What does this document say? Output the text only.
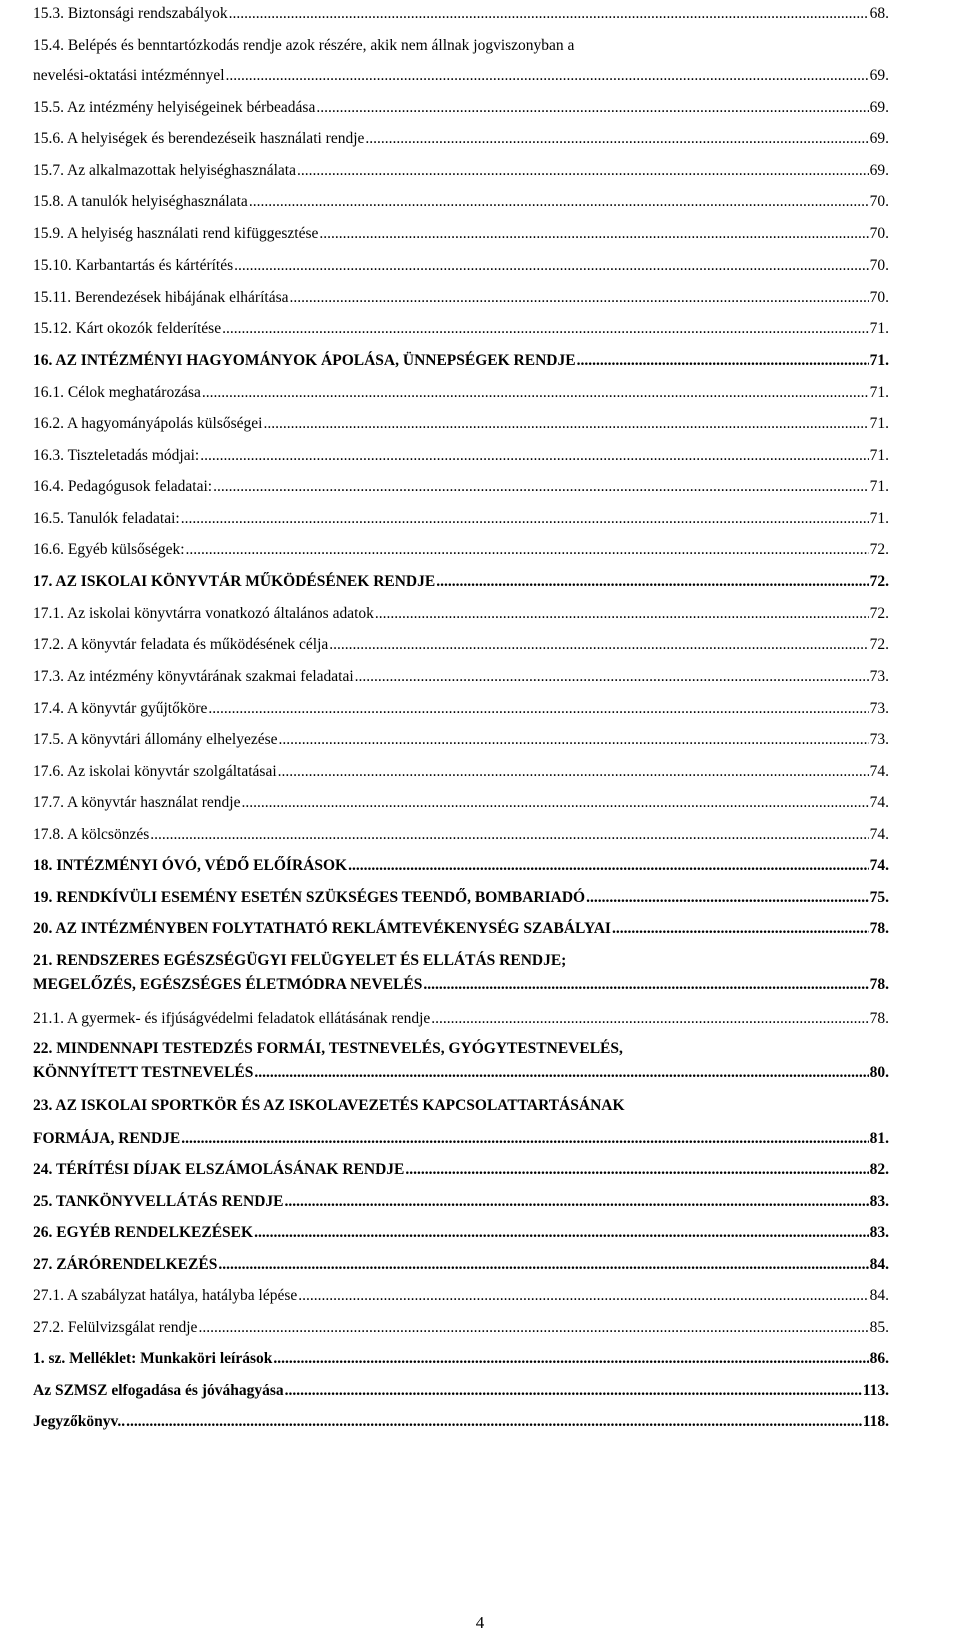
15.3. Biztonsági rendszabályok .....	68.
15.4. Belépés és benntartózkodás rendje azok részére, akik nem állnak jogviszonyban a
nevelési-oktatási intézménnyel .....	69.
15.5. Az intézmény helyiségeinek bérbeadása .....	69.
15.6. A helyiségek és berendezéseik használati rendje .....	69.
15.7. Az alkalmazottak helyiséghasználata .....	69.
15.8. A tanulók helyiséghasználata .....	70.
15.9. A helyiség használati rend kifüggesztése .....	70.
15.10. Karbantartás és kártérítés .....	70.
15.11. Berendezések hibájának elhárítása .....	70.
15.12. Kárt okozók felderítése .....	71.
16. AZ INTÉZMÉNYI HAGYOMÁNYOK ÁPOLÁSA, ÜNNEPSÉGEK RENDJE .....	71.
16.1. Célok meghatározása .....	71.
16.2. A hagyományápolás külsőségei .....	71.
16.3. Tiszteletadás módjai: .....	71.
16.4. Pedagógusok feladatai: .....	71.
16.5. Tanulók feladatai: .....	71.
16.6. Egyéb külsőségek: .....	72.
17. AZ ISKOLAI KÖNYVTÁR MŰKÖDÉSÉNEK RENDJE .....	72.
17.1. Az iskolai könyvtárra vonatkozó általános adatok .....	72.
17.2. A könyvtár feladata és működésének célja .....	72.
17.3. Az intézmény könyvtárának szakmai feladatai .....	73.
17.4. A könyvtár gyűjtőköre .....	73.
17.5. A könyvtári állomány elhelyezése .....	73.
17.6. Az iskolai könyvtár szolgáltatásai .....	74.
17.7. A könyvtár használat rendje .....	74.
17.8. A kölcsönzés .....	74.
18. INTÉZMÉNYI ÓVÓ, VÉDŐ ELŐÍRÁSOK .....	74.
19. RENDKÍVÜLI ESEMÉNY ESETÉN SZÜKSÉGES TEENDŐ, BOMBARIADÓ .....	75.
20. AZ INTÉZMÉNYBEN FOLYTATHATÓ REKLÁMTEVÉKENYSÉG SZABÁLYAI .....	78.
21. RENDSZERES EGÉSZSÉGÜGYI FELÜGYELET ÉS ELLÁTÁS RENDJE;
MEGELŐZÉS, EGÉSZSÉGES ÉLETMÓDRA NEVELÉS .....	78.
21.1. A gyermek- és ifjúságvédelmi feladatok ellátásának rendje .....	78.
22. MINDENNAPI TESTEDZÉS FORMÁI, TESTNEVELÉS, GYÓGYTESTNEVELÉS,
KÖNNYÍTETT TESTNEVELÉS .....	80.
23. AZ ISKOLAI SPORTKÖR ÉS AZ ISKOLAVEZETÉS KAPCSOLATTARTÁSÁNAK
FORMÁJA, RENDJE .....	81.
24. TÉRÍTÉSI DÍJAK ELSZÁMOLÁSÁNAK RENDJE .....	82.
25. TANKÖNYVELLÁTÁS RENDJE .....	83.
26. EGYÉB RENDELKEZÉSEK .....	83.
27. ZÁRÓRENDELKEZÉS .....	84.
27.1. A szabályzat hatálya, hatályba lépése .....	84.
27.2. Felülvizsgálat rendje .....	85.
1. sz. Melléklet: Munkaköri leírások .....	86.
Az SZMSZ elfogadása és jóváhagyása .....	113.
Jegyzőkönyv.. .....	118.
4
